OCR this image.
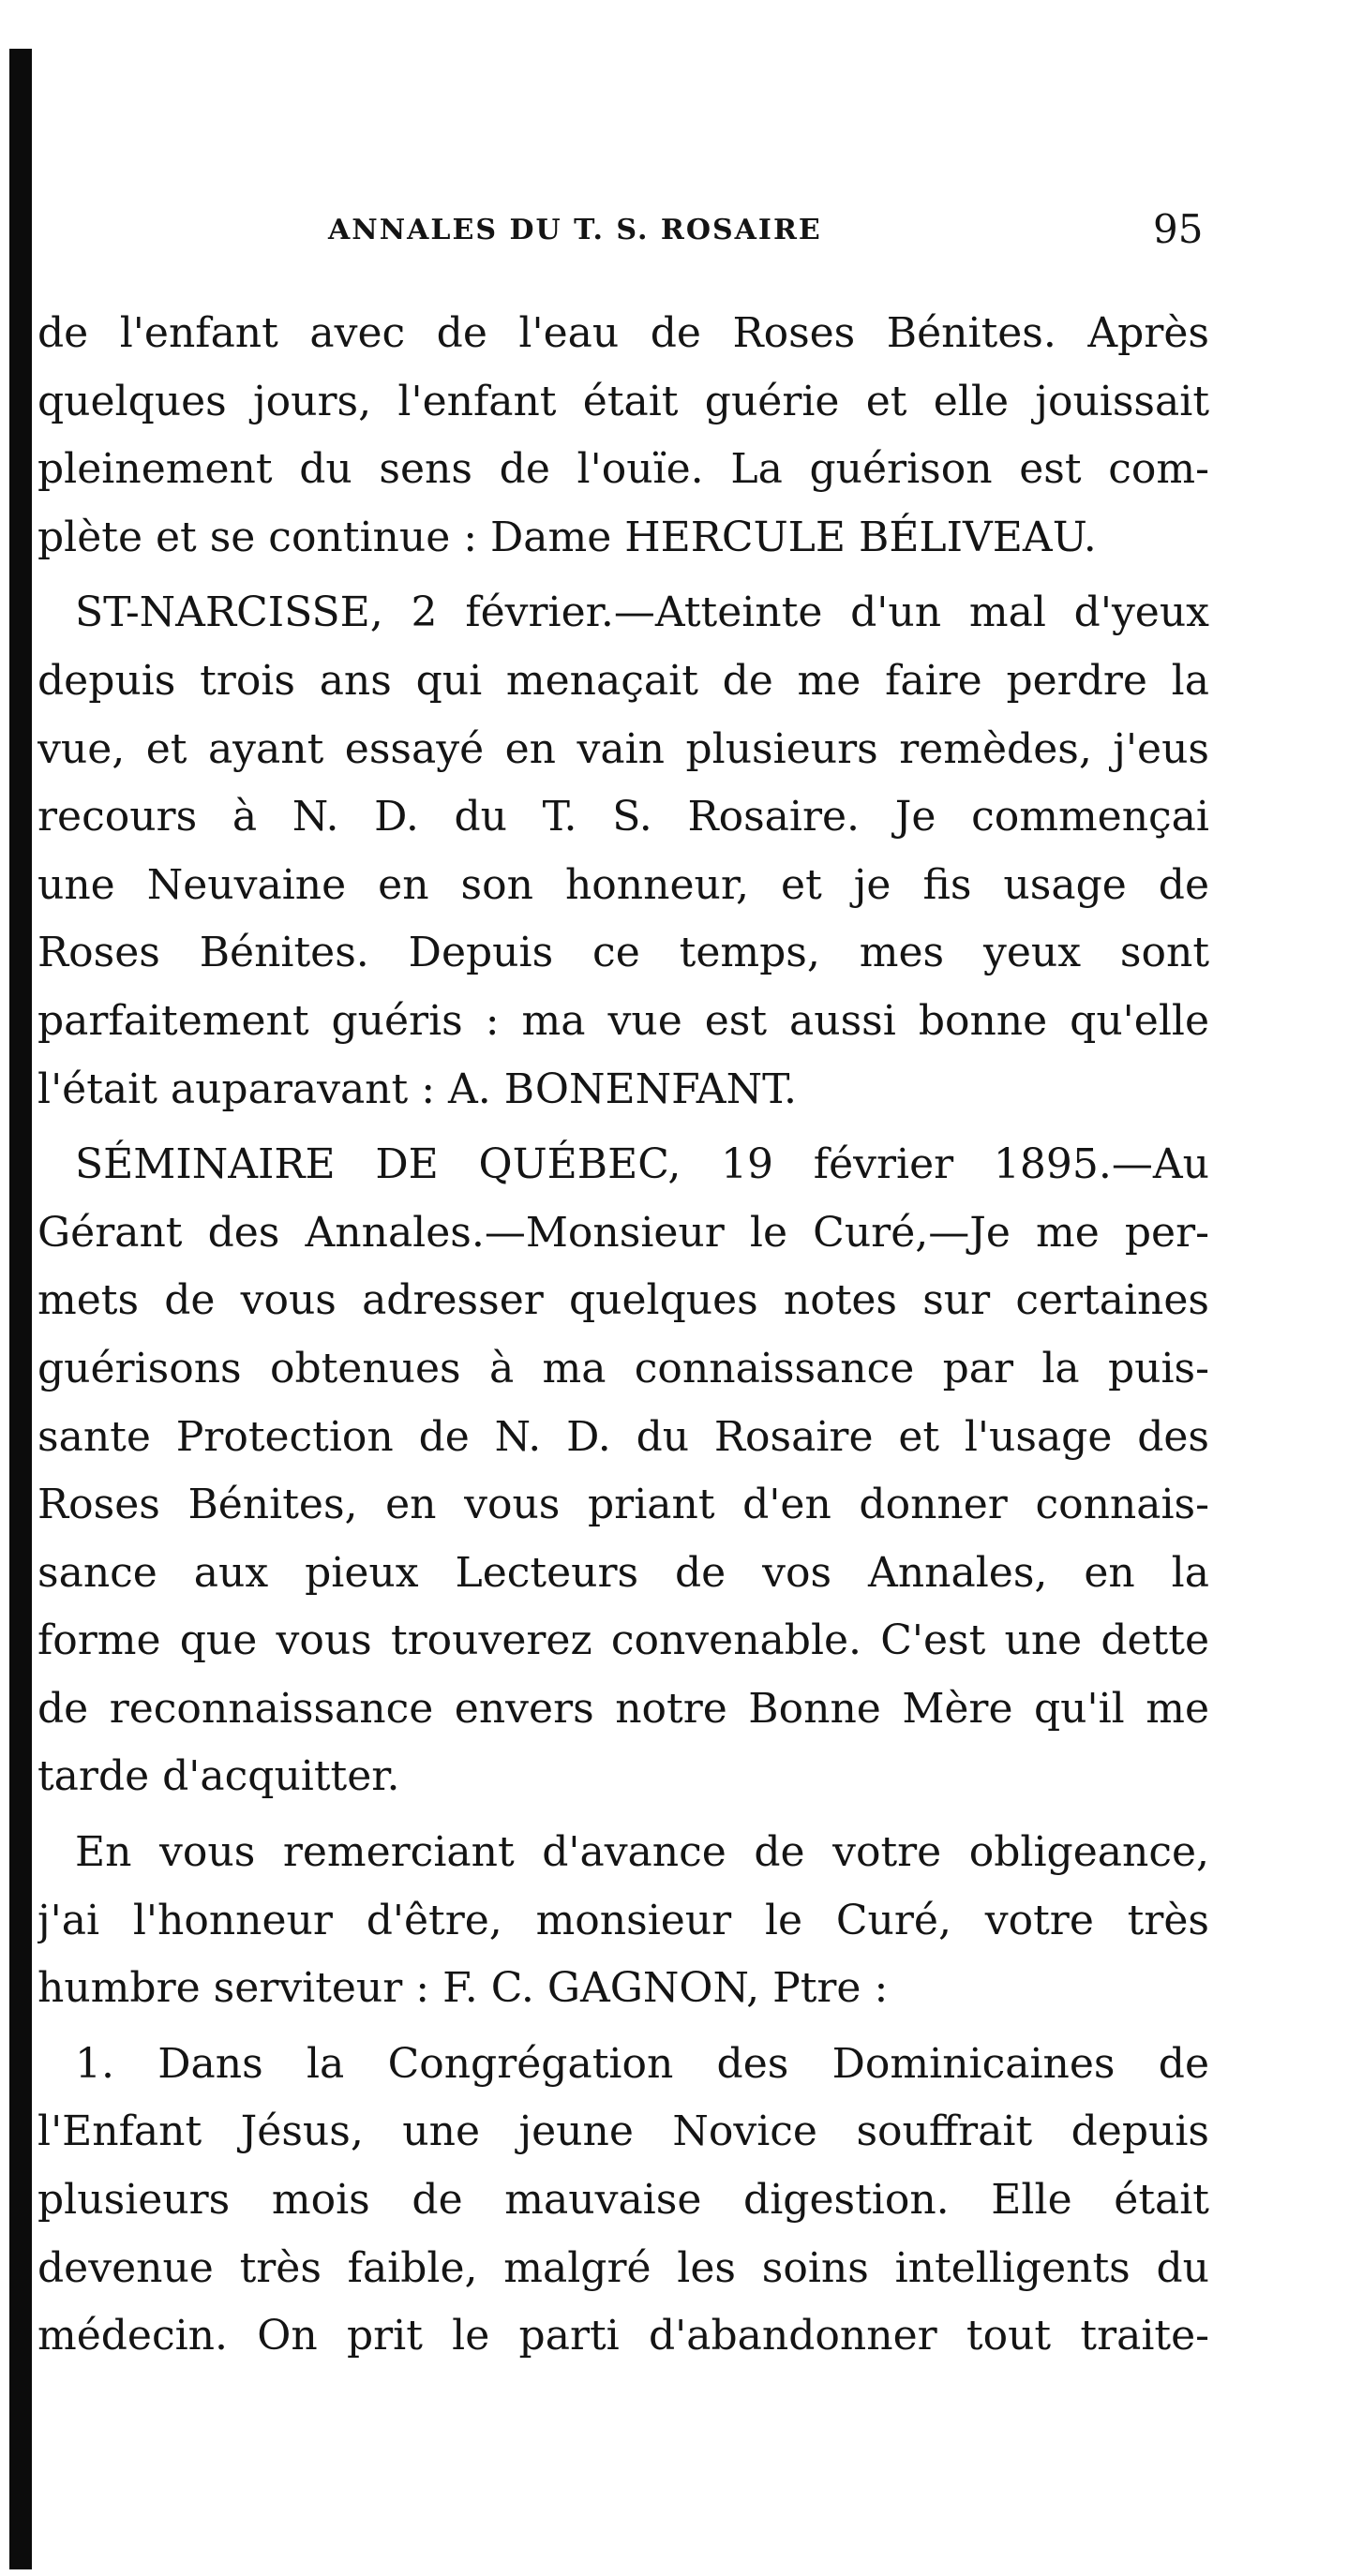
ANNALES DU T. S. ROSAIRE	95
de l'enfant avec de l'eau de Roses Bénites. Après
quelques jours, l'enfant était guérie et elle jouissait
pleinement du sens de l'ouïe. La guérison est com-
plète et se continue : Dame HERCULE BÉLIVEAU.
ST-NARCISSE, 2 février.—Atteinte d'un mal d'yeux
depuis trois ans qui menaçait de me faire perdre la
vue, et ayant essayé en vain plusieurs remèdes, j'eus
recours à N. D. du T. S. Rosaire. Je commençai
une Neuvaine en son honneur, et je fis usage de
Roses Bénites. Depuis ce temps, mes yeux sont
parfaitement guéris : ma vue est aussi bonne qu'elle
l'était auparavant : A. BONENFANT.
SÉMINAIRE DE QUÉBEC, 19 février 1895.—Au
Gérant des Annales.—Monsieur le Curé,—Je me per-
mets de vous adresser quelques notes sur certaines
guérisons obtenues à ma connaissance par la puis-
sante Protection de N. D. du Rosaire et l'usage des
Roses Bénites, en vous priant d'en donner connais-
sance aux pieux Lecteurs de vos Annales, en la
forme que vous trouverez convenable. C'est une dette
de reconnaissance envers notre Bonne Mère qu'il me
tarde d'acquitter.
En vous remerciant d'avance de votre obligeance,
j'ai l'honneur d'être, monsieur le Curé, votre très
humbre serviteur : F. C. GAGNON, Ptre :
1. Dans la Congrégation des Dominicaines de
l'Enfant Jésus, une jeune Novice souffrait depuis
plusieurs mois de mauvaise digestion. Elle était
devenue très faible, malgré les soins intelligents du
médecin. On prit le parti d'abandonner tout traite-
